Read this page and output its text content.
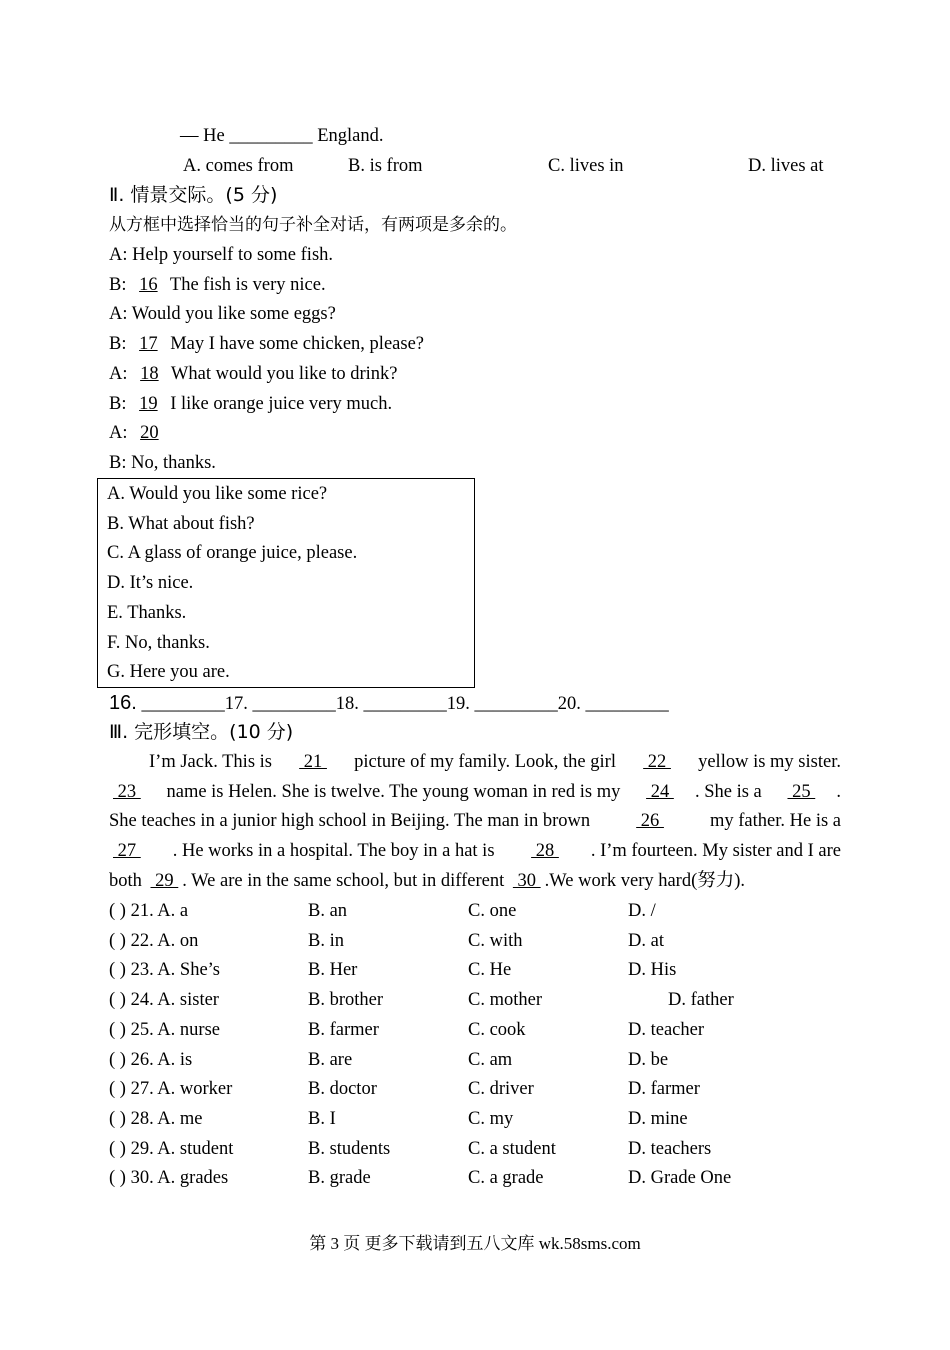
— He _________ England.
A. comes from	B. is from	C. lives in	D. lives at
Ⅱ. 情景交际。(5 分)
从方框中选择恰当的句子补全对话，有两项是多余的。
A: Help yourself to some fish.
B: 16 The fish is very nice.
A: Would you like some eggs?
B: 17 May I have some chicken, please?
A: 18 What would you like to drink?
B: 19 I like orange juice very much.
A: 20
B: No, thanks.
A. Would you like some rice?
B. What about fish?
C. A glass of orange juice, please.
D. It’s nice.
E. Thanks.
F. No, thanks.
G. Here you are.
16. _________17. _________18. _________19. _________20. _________
Ⅲ. 完形填空。(10 分)
I’m Jack. This is 21 picture of my family. Look, the girl 22 yellow is my sister.
23 name is Helen. She is twelve. The young woman in red is my 24 . She is a 25 .
She teaches in a junior high school in Beijing. The man in brown 26 my father. He is a
27 . He works in a hospital. The boy in a hat is 28 . I’m fourteen. My sister and I are
both  29 . We are in the same school, but in different  30 .We work very hard(努力).
( ) 21. A. a	B. an	C. one	D. /
( ) 22. A. on	B. in	C. with	D. at
( ) 23. A. She’s	B. Her	C. He	D. His
( ) 24. A. sister	B. brother	C. mother	D. father
( ) 25. A. nurse	B. farmer	C. cook	D. teacher
( ) 26. A. is	B. are	C. am	D. be
( ) 27. A. worker	B. doctor	C. driver	D. farmer
( ) 28. A. me	B. I	C. my	D. mine
( ) 29. A. student	B. students	C. a student	D. teachers
( ) 30. A. grades	B. grade	C. a grade	D. Grade One
第 3 页 更多下载请到五八文库 wk.58sms.com
